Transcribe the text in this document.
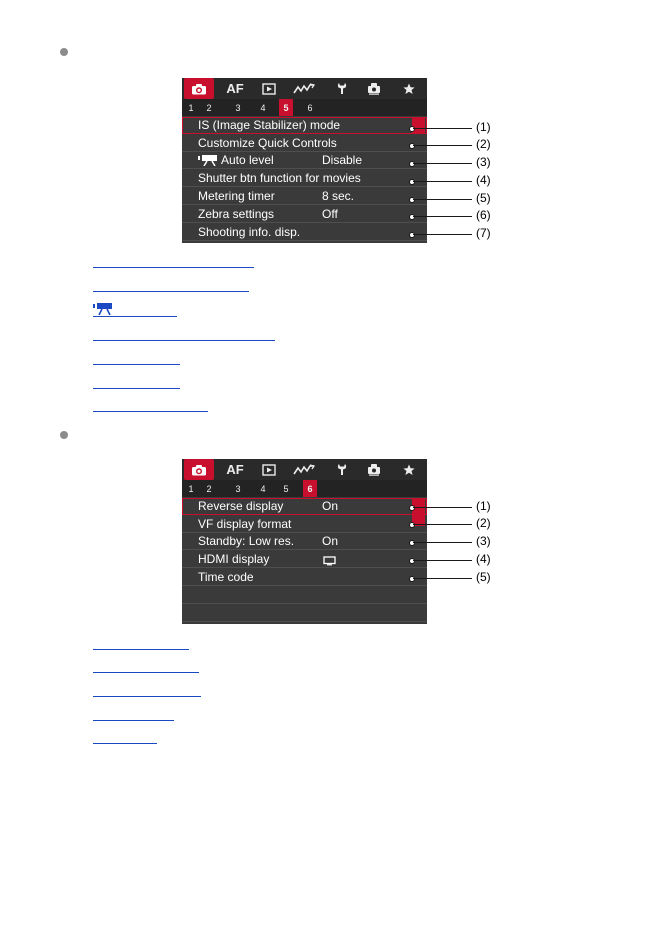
AF
1 2	3 4 5 6
IS (Image Stabilizer) mode
Customize Quick Controls
Auto level	Disable
Shutter btn function for movies
Metering timer	8 sec.
Zebra settings	Off
Shooting info. disp.
(1)
(2)
(3)
(4)
(5)
(6)
(7)
AF
1 2	3 4 5 6
Reverse display	On
VF display format
Standby: Low res. On
HDMI display
Time code
(1)
(2)
(3)
(4)
(5)
